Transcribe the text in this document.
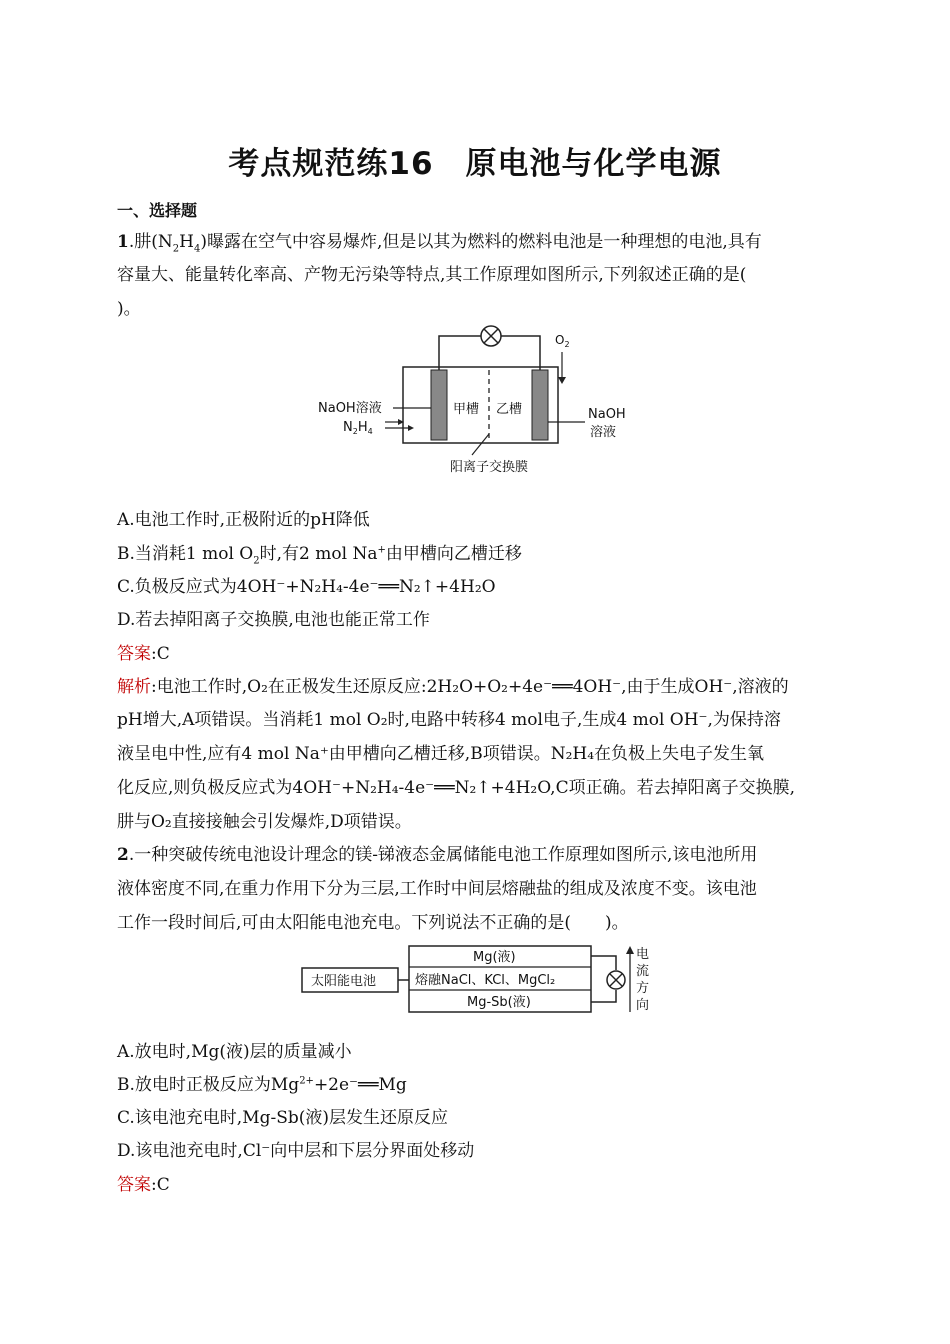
考点规范练16　原电池与化学电源
一、选择题
1.肼$(N_2H_4)$曝露在空气中容易爆炸,但是以其为燃料的燃料电池是一种理想的电池,具有
容量大、能量转化率高、产物无污染等特点,其工作原理如图所示,下列叙述正确的是(
)。
$O_2$
NaOH溶液
$N_2H_4$
甲槽 乙槽	NaOH
溶液
阳离子交换膜
A.电池工作时,正极附近的pH降低
B.当消耗1 mol $O_2$时,有2 mol Na+由甲槽向乙槽迁移
C.负极反应式为4OH⁻+N₂H₄-4e⁻══N₂↑+4H₂O
D.若去掉阳离子交换膜,电池也能正常工作
答案:C
解析:电池工作时,O₂在正极发生还原反应:2H₂O+O₂+4e⁻══4OH⁻,由于生成OH⁻,溶液的
pH增大,A项错误。当消耗1 mol O₂时,电路中转移4 mol电子,生成4 mol OH⁻,为保持溶
液呈电中性,应有4 mol Na⁺由甲槽向乙槽迁移,B项错误。N₂H₄在负极上失电子发生氧
化反应,则负极反应式为4OH⁻+N₂H₄-4e⁻══N₂↑+4H₂O,C项正确。若去掉阳离子交换膜,
肼与O₂直接接触会引发爆炸,D项错误。
2.一种突破传统电池设计理念的镁-锑液态金属储能电池工作原理如图所示,该电池所用
液体密度不同,在重力作用下分为三层,工作时中间层熔融盐的组成及浓度不变。该电池
工作一段时间后,可由太阳能电池充电。下列说法不正确的是(　　)。
太阳能电池
Mg(液)
熔融NaCl、KCl、MgCl₂
Mg-Sb(液)
电
流
方
向
A.放电时,Mg(液)层的质量减小
B.放电时正极反应为$Mg^{2+}+2e^-══Mg$
C.该电池充电时,Mg-Sb(液)层发生还原反应
D.该电池充电时,Cl⁻向中层和下层分界面处移动
答案:C
